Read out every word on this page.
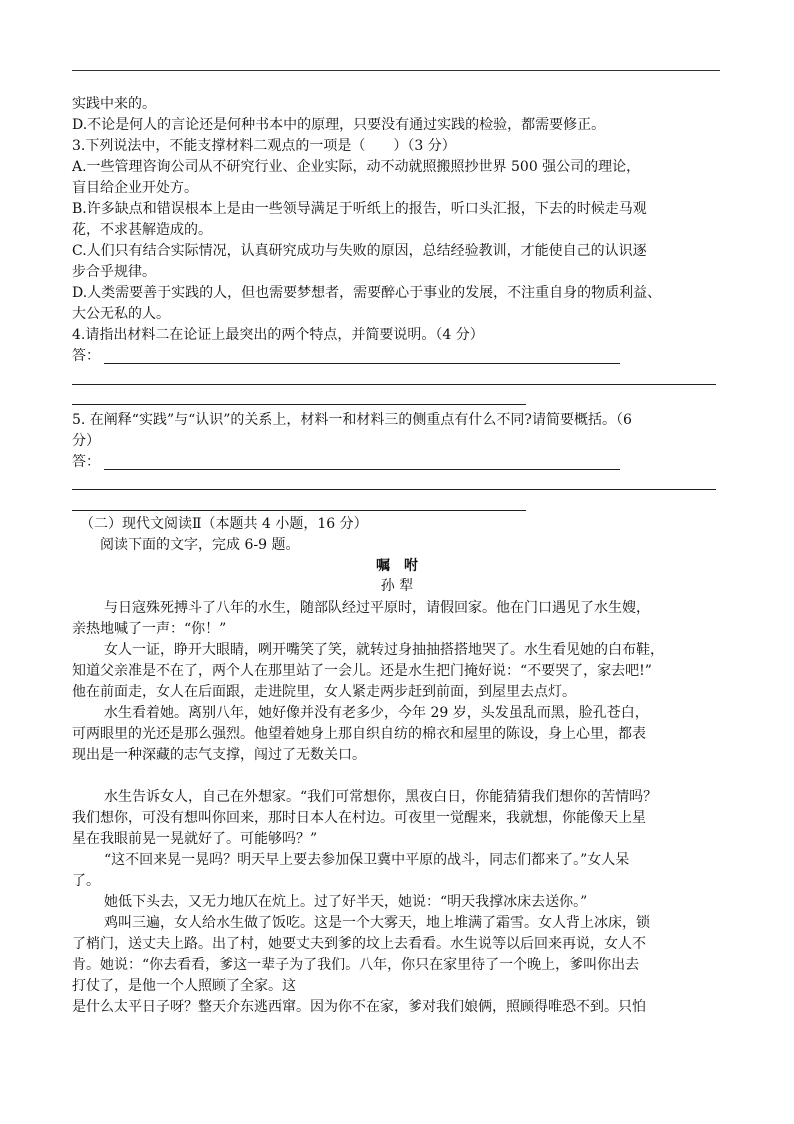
实践中来的。
D.不论是何人的言论还是何种书本中的原理，只要没有通过实践的检验，都需要修正。
3.下列说法中，不能支撑材料二观点的一项是（　　）（3 分）
A.一些管理咨询公司从不研究行业、企业实际，动不动就照搬照抄世界 500 强公司的理论，
盲目给企业开处方。
B.许多缺点和错误根本上是由一些领导满足于听纸上的报告，听口头汇报，下去的时候走马观
花，不求甚解造成的。
C.人们只有结合实际情况，认真研究成功与失败的原因，总结经验教训，才能使自己的认识逐
步合乎规律。
D.人类需要善于实践的人，但也需要梦想者，需要醉心于事业的发展，不注重自身的物质利益、
大公无私的人。
4.请指出材料二在论证上最突出的两个特点，并简要说明。（4 分）
答：
5. 在阐释“实践”与“认识”的关系上，材料一和材料三的侧重点有什么不同?请简要概括。（6
分）
答：
（二）现代文阅读Ⅱ（本题共 4 小题，16 分）
阅读下面的文字，完成 6-9 题。
嘱　咐
孙 犁
与日寇殊死搏斗了八年的水生，随部队经过平原时，请假回家。他在门口遇见了水生嫂，
亲热地喊了一声：“你！”
女人一证，睁开大眼睛，咧开嘴笑了笑，就转过身抽抽搭搭地哭了。水生看见她的白布鞋，
知道父亲准是不在了，两个人在那里站了一会儿。还是水生把门掩好说：“不要哭了，家去吧!”
他在前面走，女人在后面跟，走进院里，女人紧走两步赶到前面，到屋里去点灯。
水生看着她。离别八年，她好像并没有老多少，今年 29 岁，头发虽乱而黑，脸孔苍白，
可两眼里的光还是那么强烈。他望着她身上那自织自纺的棉衣和屋里的陈设，身上心里，都表
现出是一种深藏的志气支撑，闯过了无数关口。
水生告诉女人，自己在外想家。“我们可常想你，黑夜白日，你能猜猜我们想你的苦情吗？
我们想你，可没有想叫你回来，那时日本人在村边。可夜里一觉醒来，我就想，你能像天上星
星在我眼前晃一晃就好了。可能够吗？”
“这不回来晃一晃吗？明天早上要去参加保卫冀中平原的战斗，同志们都来了。”女人呆
了。
她低下头去，又无力地仄在炕上。过了好半天，她说：“明天我撑冰床去送你。”
鸡叫三遍，女人给水生做了饭吃。这是一个大雾天，地上堆满了霜雪。女人背上冰床，锁
了梢门，送丈夫上路。出了村，她要丈夫到爹的坟上去看看。水生说等以后回来再说，女人不
肯。她说：“你去看看，爹这一辈子为了我们。八年，你只在家里待了一个晚上，爹叫你出去
打仗了，是他一个人照顾了全家。这
是什么太平日子呀？整天介东逃西窜。因为你不在家，爹对我们娘俩，照顾得唯恐不到。只怕
